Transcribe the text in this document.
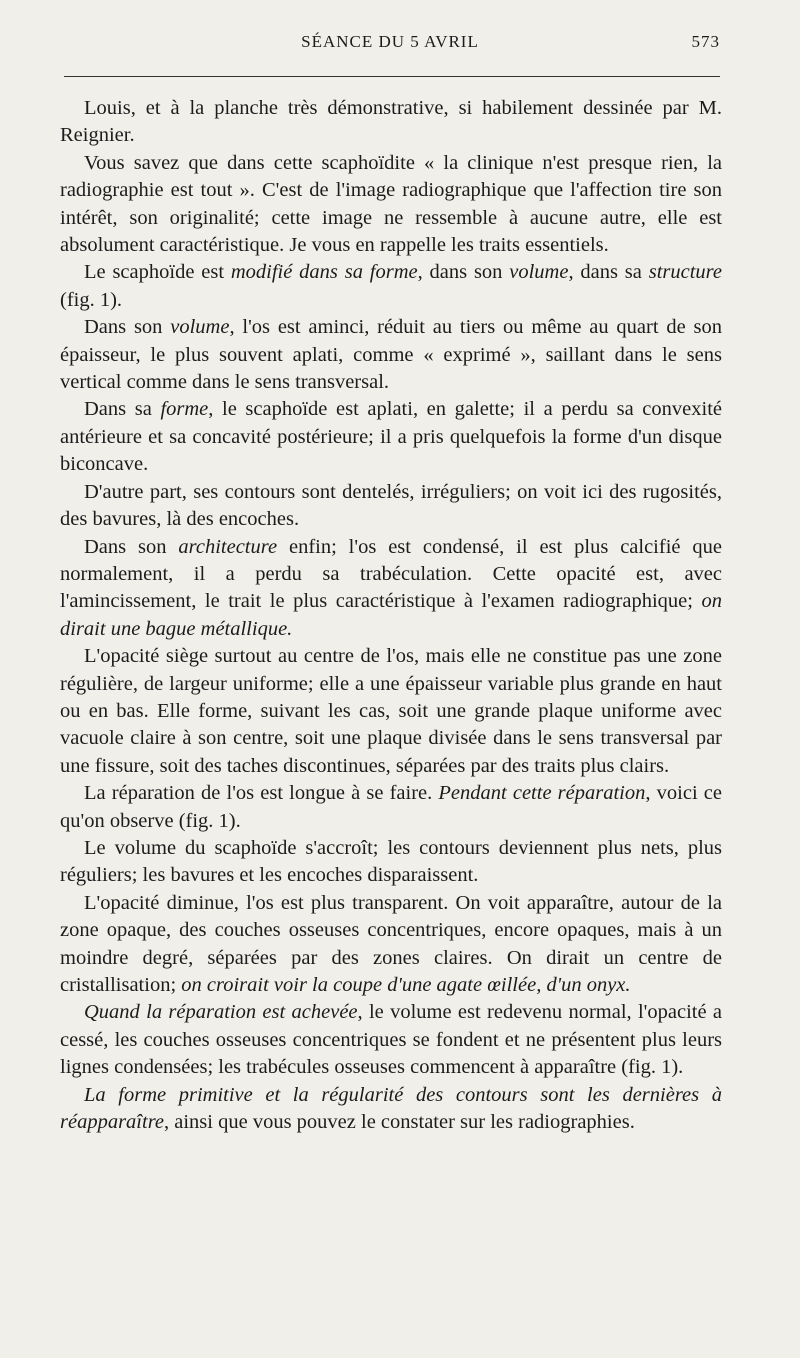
SÉANCE DU 5 AVRIL	573

Louis, et à la planche très démonstrative, si habilement dessinée par M. Reignier.

Vous savez que dans cette scaphoïdite « la clinique n'est presque rien, la radiographie est tout ». C'est de l'image radiographique que l'affection tire son intérêt, son originalité; cette image ne ressemble à aucune autre, elle est absolument caractéristique. Je vous en rappelle les traits essentiels.

Le scaphoïde est modifié dans sa forme, dans son volume, dans sa structure (fig. 1).

Dans son volume, l'os est aminci, réduit au tiers ou même au quart de son épaisseur, le plus souvent aplati, comme « exprimé », saillant dans le sens vertical comme dans le sens transversal.

Dans sa forme, le scaphoïde est aplati, en galette; il a perdu sa convexité antérieure et sa concavité postérieure; il a pris quelquefois la forme d'un disque biconcave.

D'autre part, ses contours sont dentelés, irréguliers; on voit ici des rugosités, des bavures, là des encoches.

Dans son architecture enfin; l'os est condensé, il est plus calcifié que normalement, il a perdu sa trabéculation. Cette opacité est, avec l'amincissement, le trait le plus caractéristique à l'examen radiographique; on dirait une bague métallique.

L'opacité siège surtout au centre de l'os, mais elle ne constitue pas une zone régulière, de largeur uniforme; elle a une épaisseur variable plus grande en haut ou en bas. Elle forme, suivant les cas, soit une grande plaque uniforme avec vacuole claire à son centre, soit une plaque divisée dans le sens transversal par une fissure, soit des taches discontinues, séparées par des traits plus clairs.

La réparation de l'os est longue à se faire. Pendant cette réparation, voici ce qu'on observe (fig. 1).

Le volume du scaphoïde s'accroît; les contours deviennent plus nets, plus réguliers; les bavures et les encoches disparaissent.

L'opacité diminue, l'os est plus transparent. On voit apparaître, autour de la zone opaque, des couches osseuses concentriques, encore opaques, mais à un moindre degré, séparées par des zones claires. On dirait un centre de cristallisation; on croirait voir la coupe d'une agate œillée, d'un onyx.

Quand la réparation est achevée, le volume est redevenu normal, l'opacité a cessé, les couches osseuses concentriques se fondent et ne présentent plus leurs lignes condensées; les trabécules osseuses commencent à apparaître (fig. 1).

La forme primitive et la régularité des contours sont les dernières à réapparaître, ainsi que vous pouvez le constater sur les radiographies.
